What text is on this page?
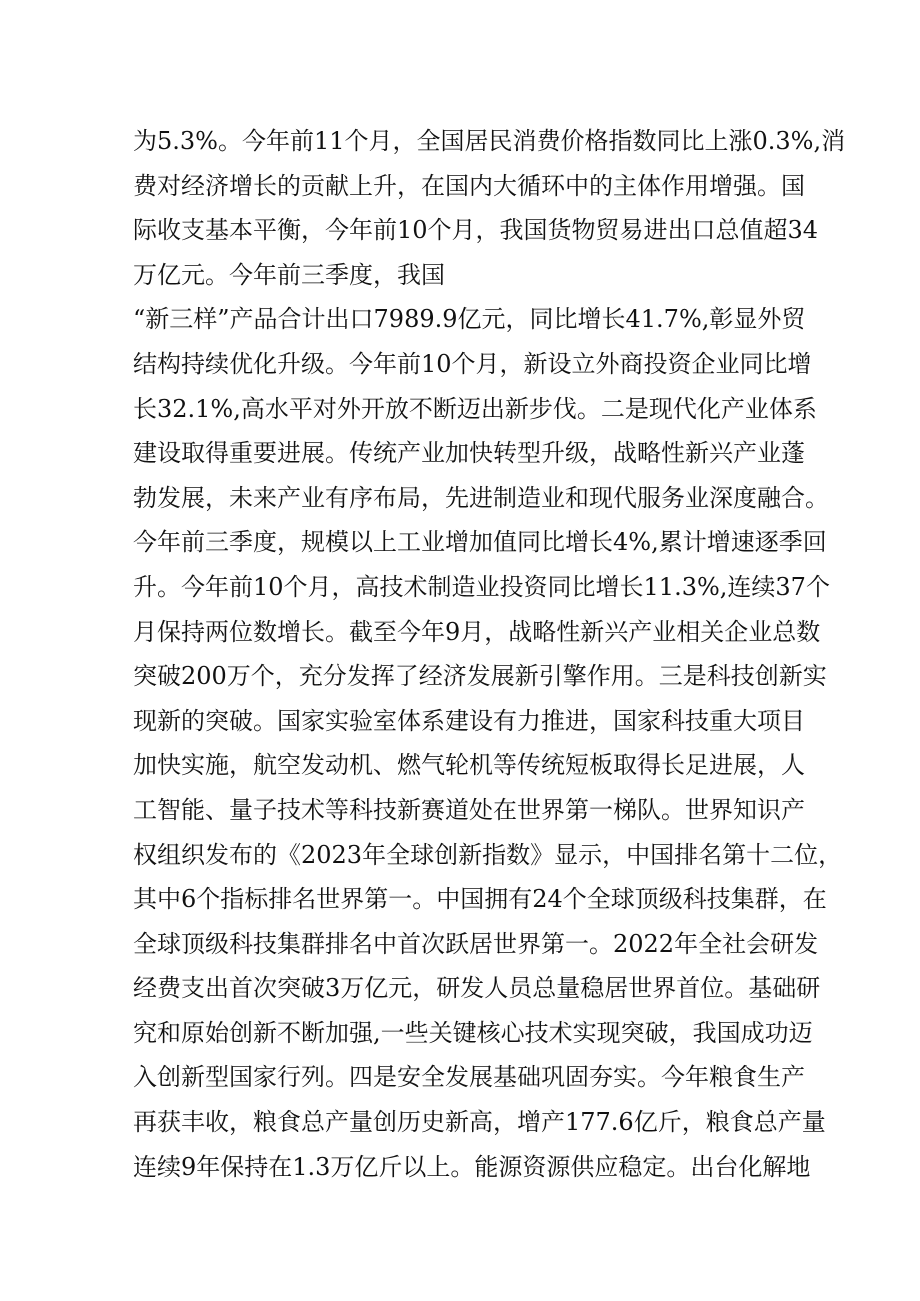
为5.3%。今年前11个月，全国居民消费价格指数同比上涨0.3%,消
费对经济增长的贡献上升，在国内大循环中的主体作用增强。国
际收支基本平衡，今年前10个月，我国货物贸易进出口总值超34
万亿元。今年前三季度，我国
“新三样”产品合计出口7989.9亿元，同比增长41.7%,彰显外贸
结构持续优化升级。今年前10个月，新设立外商投资企业同比增
长32.1%,高水平对外开放不断迈出新步伐。二是现代化产业体系
建设取得重要进展。传统产业加快转型升级，战略性新兴产业蓬
勃发展，未来产业有序布局，先进制造业和现代服务业深度融合。
今年前三季度，规模以上工业增加值同比增长4%,累计增速逐季回
升。今年前10个月，高技术制造业投资同比增长11.3%,连续37个
月保持两位数增长。截至今年9月，战略性新兴产业相关企业总数
突破200万个，充分发挥了经济发展新引擎作用。三是科技创新实
现新的突破。国家实验室体系建设有力推进，国家科技重大项目
加快实施，航空发动机、燃气轮机等传统短板取得长足进展，人
工智能、量子技术等科技新赛道处在世界第一梯队。世界知识产
权组织发布的《2023年全球创新指数》显示，中国排名第十二位，
其中6个指标排名世界第一。中国拥有24个全球顶级科技集群，在
全球顶级科技集群排名中首次跃居世界第一。2022年全社会研发
经费支出首次突破3万亿元，研发人员总量稳居世界首位。基础研
究和原始创新不断加强,一些关键核心技术实现突破，我国成功迈
入创新型国家行列。四是安全发展基础巩固夯实。今年粮食生产
再获丰收，粮食总产量创历史新高，增产177.6亿斤，粮食总产量
连续9年保持在1.3万亿斤以上。能源资源供应稳定。出台化解地
